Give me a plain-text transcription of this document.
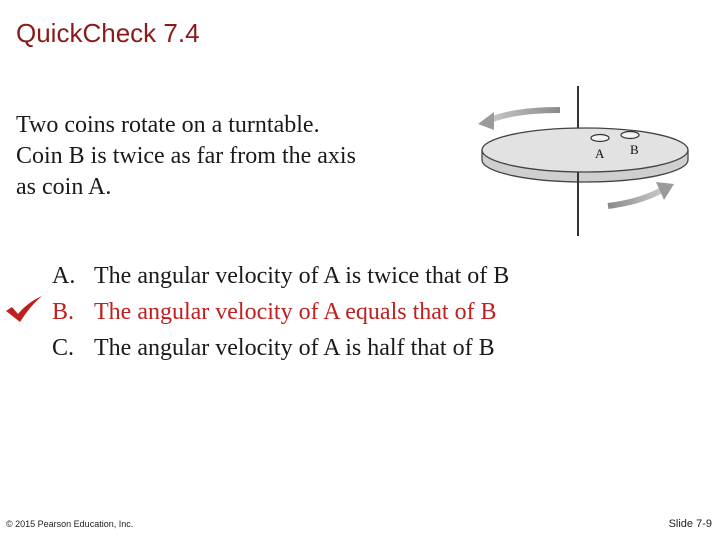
QuickCheck 7.4
Two coins rotate on a turntable.
Coin B is twice as far from the axis
as coin A.
A B
A. The angular velocity of A is twice that of B
B. The angular velocity of A equals that of B
C. The angular velocity of A is half that of B
© 2015 Pearson Education, Inc.	Slide 7-9
